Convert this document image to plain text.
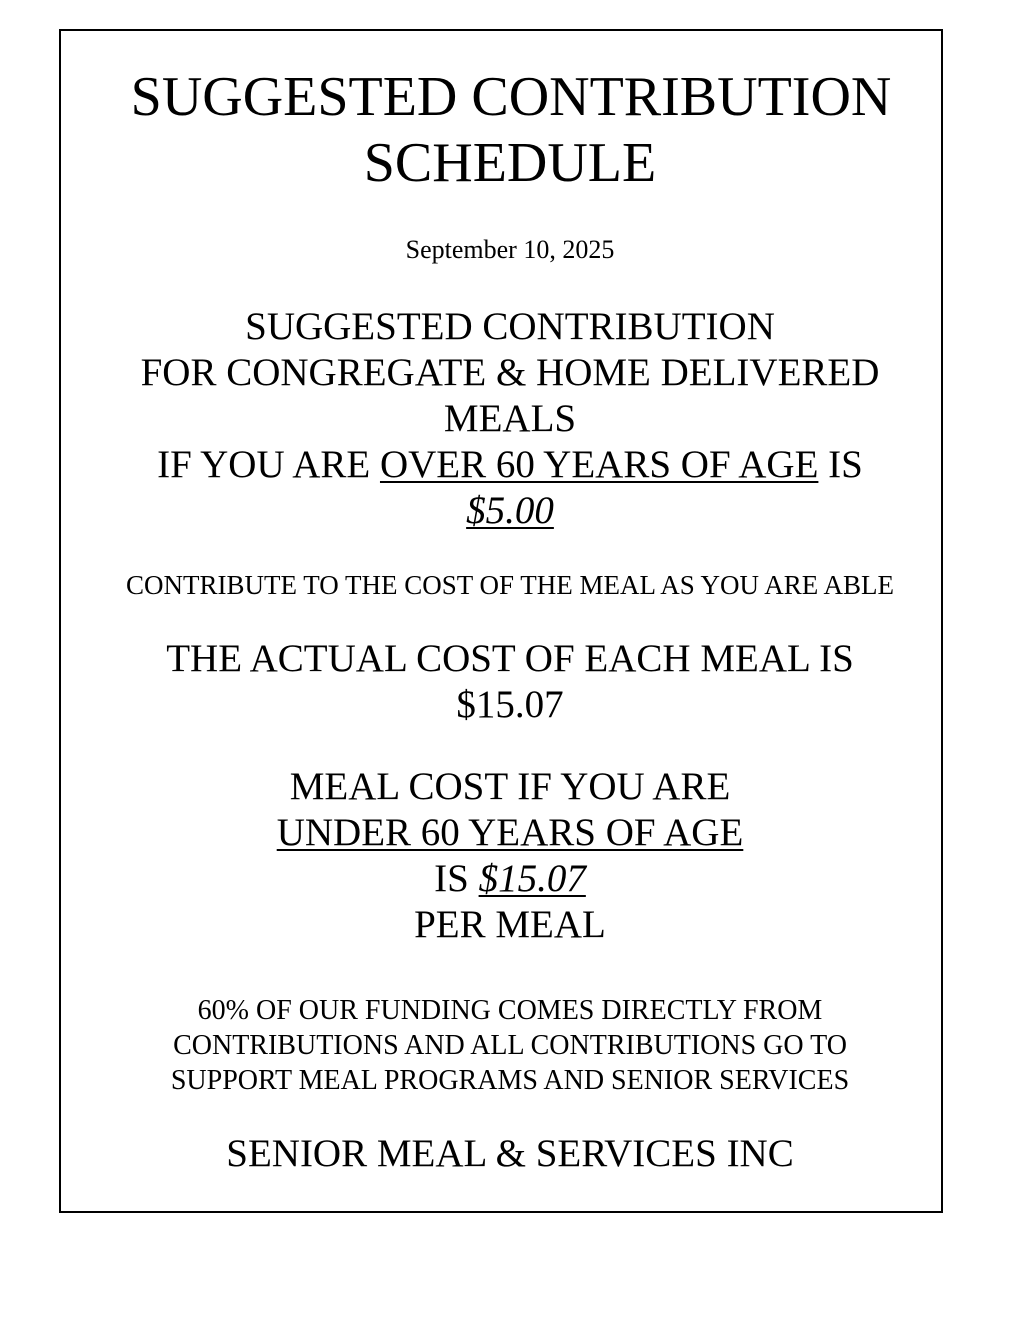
SUGGESTED CONTRIBUTION
SCHEDULE
September 10, 2025
SUGGESTED CONTRIBUTION
FOR CONGREGATE & HOME DELIVERED
MEALS
IF YOU ARE OVER 60 YEARS OF AGE IS
$5.00
CONTRIBUTE TO THE COST OF THE MEAL AS YOU ARE ABLE
THE ACTUAL COST OF EACH MEAL IS
$15.07
MEAL COST IF YOU ARE
UNDER 60 YEARS OF AGE
IS $15.07
PER MEAL
60% OF OUR FUNDING COMES DIRECTLY FROM
CONTRIBUTIONS AND ALL CONTRIBUTIONS GO TO
SUPPORT MEAL PROGRAMS AND SENIOR SERVICES
SENIOR MEAL & SERVICES INC
